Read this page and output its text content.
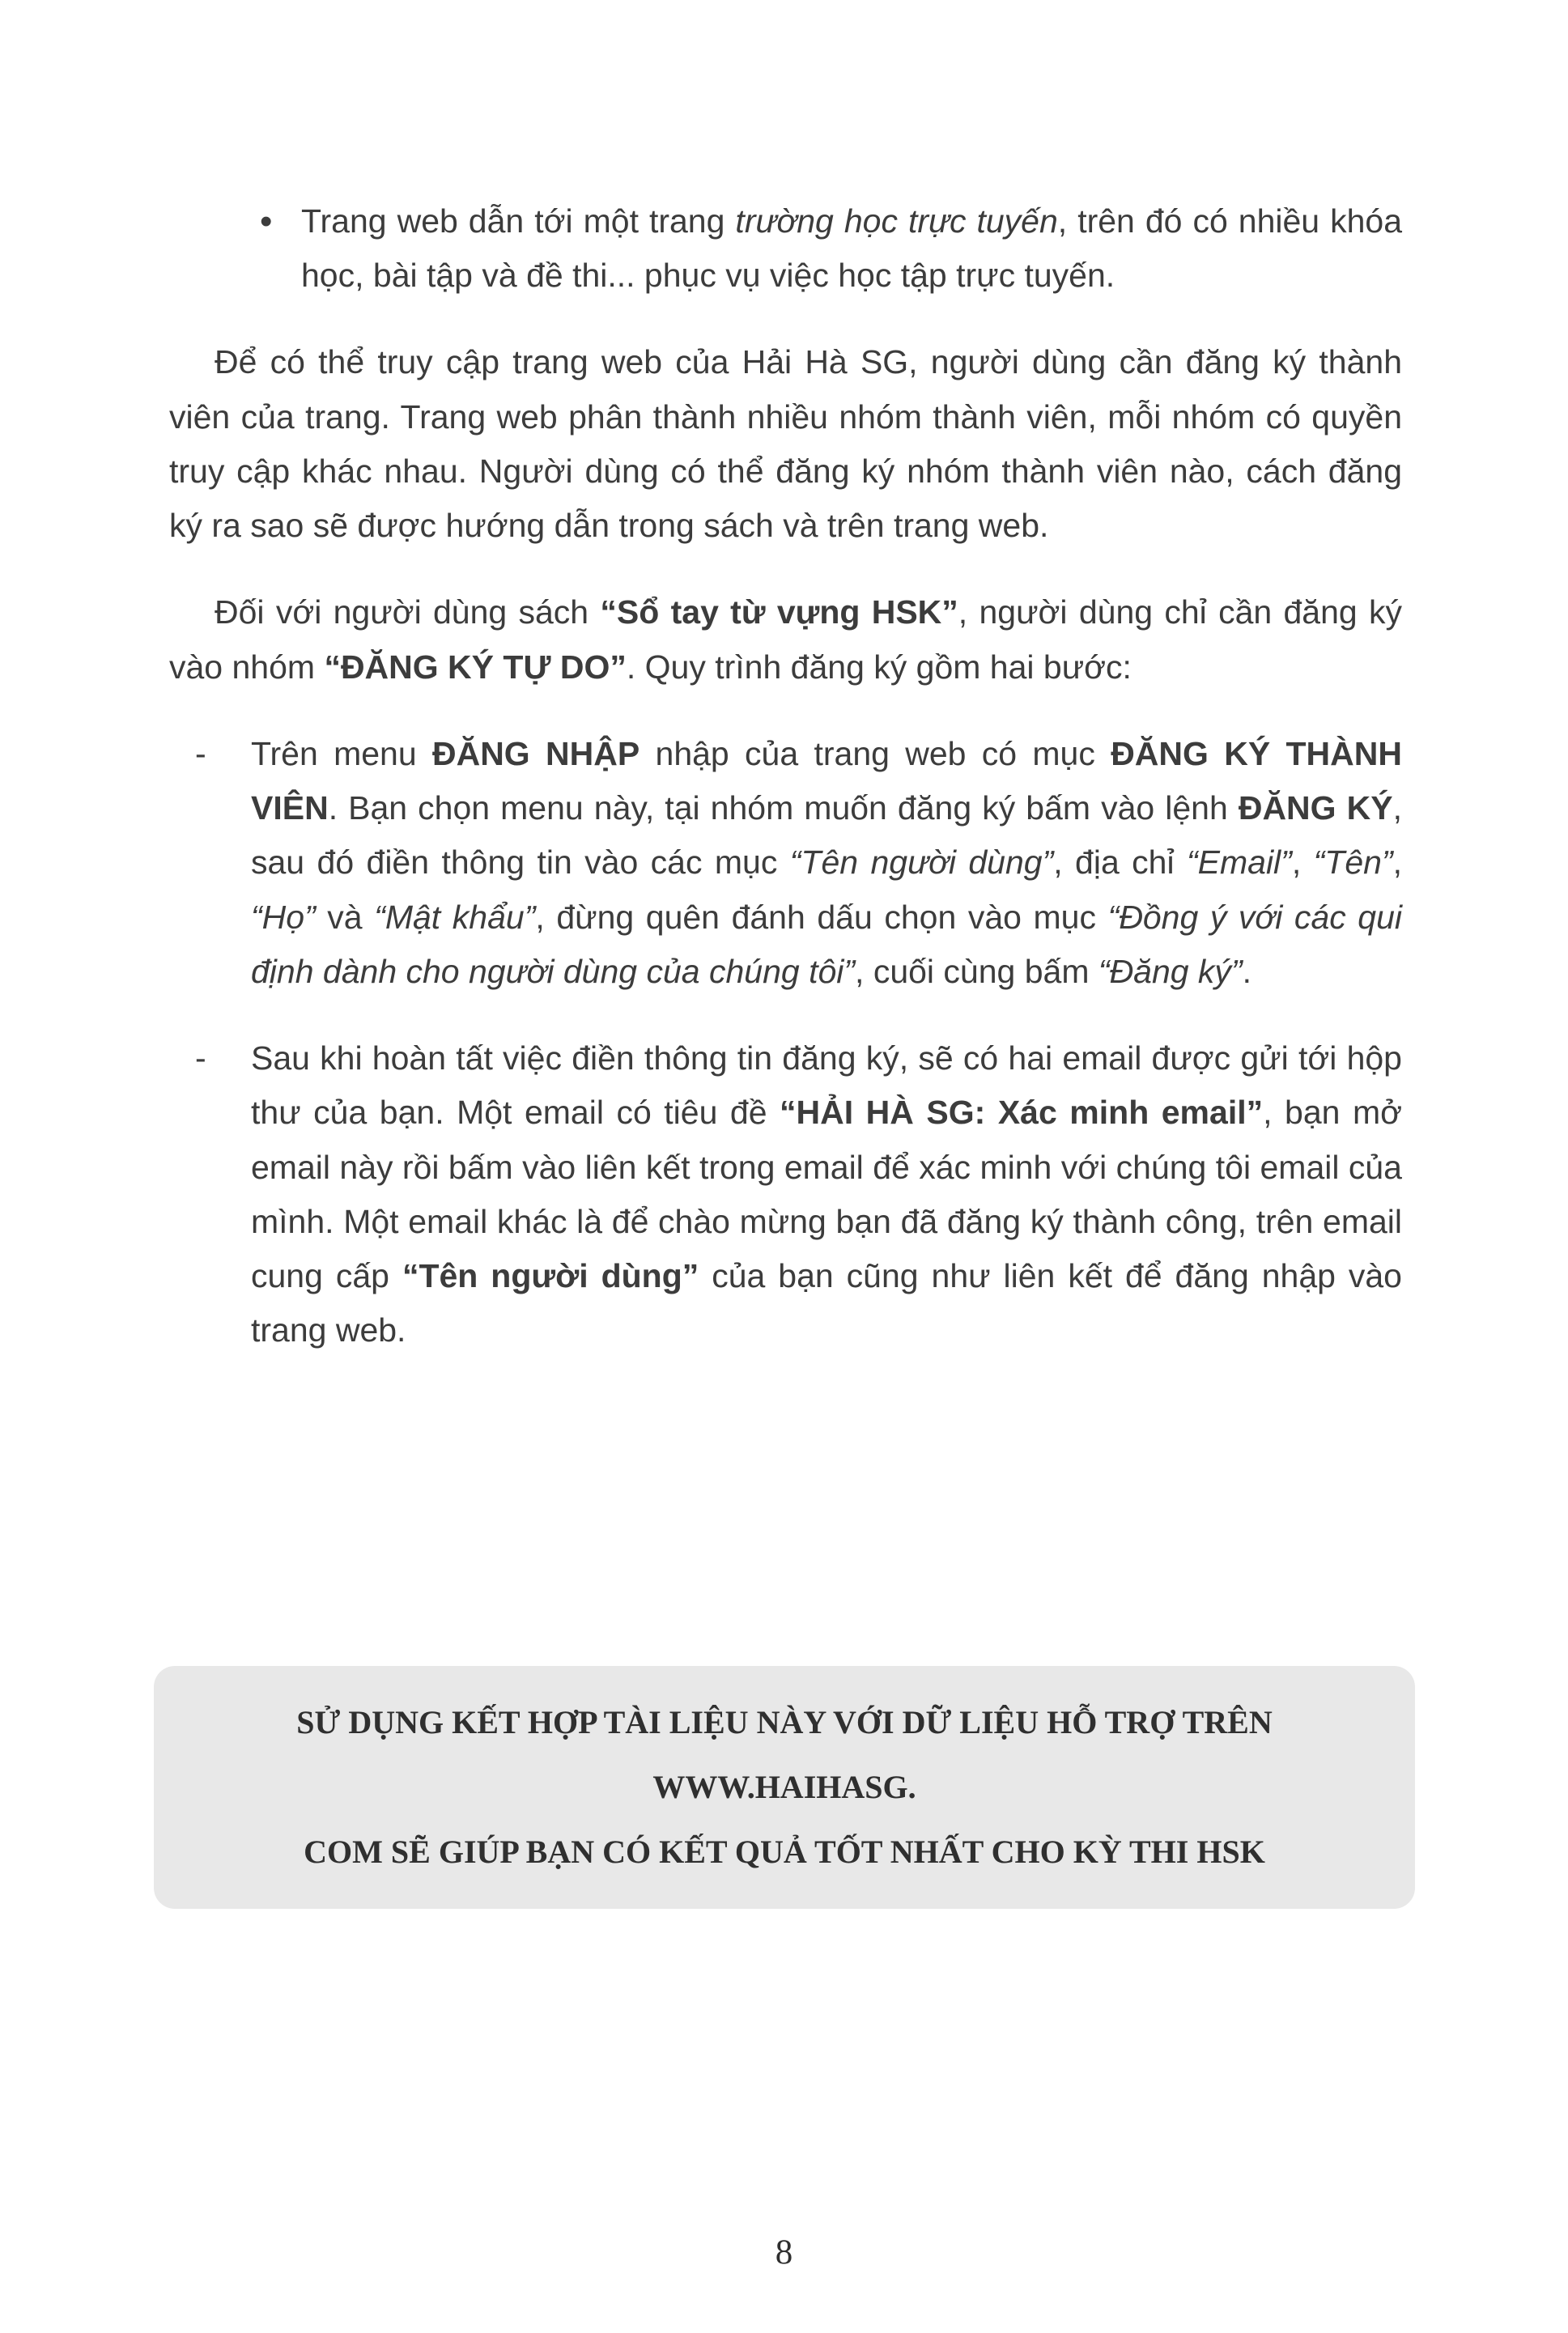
• Trang web dẫn tới một trang trường học trực tuyến, trên đó có nhiều khóa học, bài tập và đề thi... phục vụ việc học tập trực tuyến.

Để có thể truy cập trang web của Hải Hà SG, người dùng cần đăng ký thành viên của trang. Trang web phân thành nhiều nhóm thành viên, mỗi nhóm có quyền truy cập khác nhau. Người dùng có thể đăng ký nhóm thành viên nào, cách đăng ký ra sao sẽ được hướng dẫn trong sách và trên trang web.

Đối với người dùng sách “Sổ tay từ vựng HSK”, người dùng chỉ cần đăng ký vào nhóm “ĐĂNG KÝ TỰ DO”. Quy trình đăng ký gồm hai bước:

- Trên menu ĐĂNG NHẬP nhập của trang web có mục ĐĂNG KÝ THÀNH VIÊN. Bạn chọn menu này, tại nhóm muốn đăng ký bấm vào lệnh ĐĂNG KÝ, sau đó điền thông tin vào các mục “Tên người dùng”, địa chỉ “Email”, “Tên”, “Họ” và “Mật khẩu”, đừng quên đánh dấu chọn vào mục “Đồng ý với các qui định dành cho người dùng của chúng tôi”, cuối cùng bấm “Đăng ký”.
- Sau khi hoàn tất việc điền thông tin đăng ký, sẽ có hai email được gửi tới hộp thư của bạn. Một email có tiêu đề “HẢI HÀ SG: Xác minh email”, bạn mở email này rồi bấm vào liên kết trong email để xác minh với chúng tôi email của mình. Một email khác là để chào mừng bạn đã đăng ký thành công, trên email cung cấp “Tên người dùng” của bạn cũng như liên kết để đăng nhập vào trang web.
SỬ DỤNG KẾT HỢP TÀI LIỆU NÀY VỚI DỮ LIỆU HỖ TRỢ TRÊN WWW.HAIHASG.
COM SẼ GIÚP BẠN CÓ KẾT QUẢ TỐT NHẤT CHO KỲ THI HSK
8
